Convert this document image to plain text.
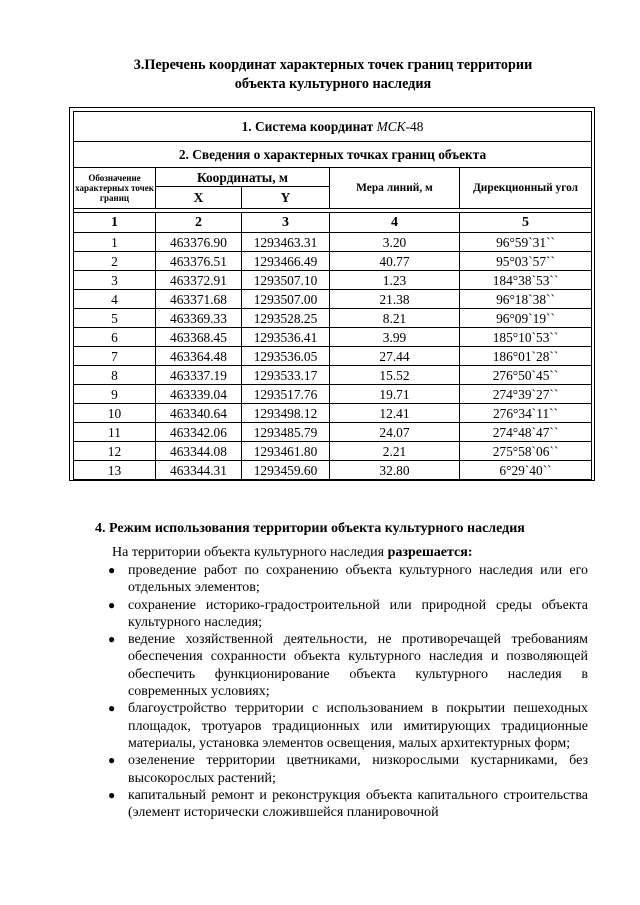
3.Перечень координат характерных точек границ территории
объекта культурного наследия
1. Система координат МСК-48				
2. Сведения о характерных точках границ объекта				
Обозначение характерных точек границ	Координаты, м		Мера линий, м	Дирекционный угол
	X	Y		

1	2	3	4	5
1	463376.90	1293463.31	3.20	96°59`31``
2	463376.51	1293466.49	40.77	95°03`57``
3	463372.91	1293507.10	1.23	184°38`53``
4	463371.68	1293507.00	21.38	96°18`38``
5	463369.33	1293528.25	8.21	96°09`19``
6	463368.45	1293536.41	3.99	185°10`53``
7	463364.48	1293536.05	27.44	186°01`28``
8	463337.19	1293533.17	15.52	276°50`45``
9	463339.04	1293517.76	19.71	274°39`27``
10	463340.64	1293498.12	12.41	276°34`11``
11	463342.06	1293485.79	24.07	274°48`47``
12	463344.08	1293461.80	2.21	275°58`06``
13	463344.31	1293459.60	32.80	6°29`40``
4. Режим использования территории объекта культурного наследия
На территории объекта культурного наследия разрешается:
● проведение работ по сохранению объекта культурного наследия или его отдельных элементов;
● сохранение историко-градостроительной или природной среды объекта культурного наследия;
● ведение хозяйственной деятельности, не противоречащей требованиям обеспечения сохранности объекта культурного наследия и позволяющей обеспечить функционирование объекта культурного наследия в современных условиях;
● благоустройство территории с использованием в покрытии пешеходных площадок, тротуаров традиционных или имитирующих традиционные материалы, установка элементов освещения, малых архитектурных форм;
● озеленение территории цветниками, низкорослыми кустарниками, без высокорослых растений;
● капитальный ремонт и реконструкция объекта капитального строительства (элемент исторически сложившейся планировочной
